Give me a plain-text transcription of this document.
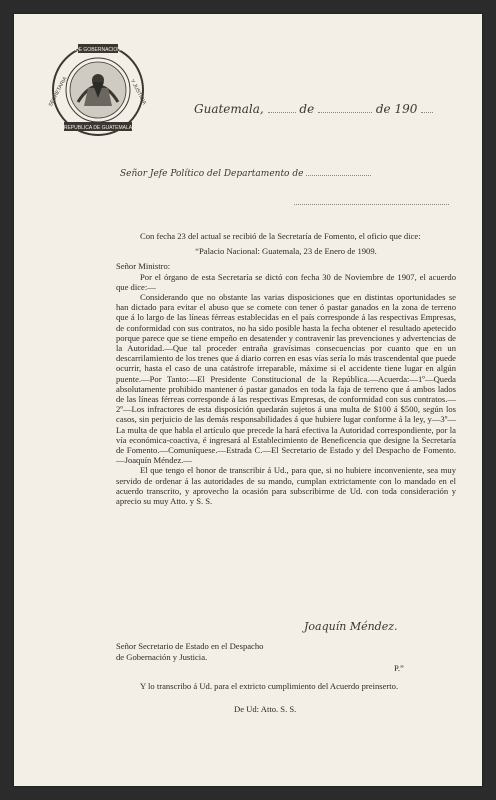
DE GOBERNACION
REPUBLICA DE GUATEMALA
SECRETARIA	Y JUSTICIA
Guatemala,	de	de 190
Señor Jefe Político del Departamento de

Con fecha 23 del actual se recibió de la Secretaría de Fomento, el oficio que dice:

“Palacio Nacional: Guatemala, 23 de Enero de 1909.

Señor Ministro:

Por el órgano de esta Secretaría se dictó con fecha 30 de Noviembre de 1907, el acuerdo que dice:—

Considerando que no obstante las varias disposiciones que en distintas oportunidades se han dictado para evitar el abuso que se comete con tener ó pastar ganados en la zona de terreno que á lo largo de las líneas férreas establecidas en el país corresponde á las respectivas Empresas, de conformidad con sus contratos, no ha sido posible hasta la fecha obtener el resultado apetecido porque parece que se tiene empeño en desatender y contravenir las prevenciones y advertencias de la Autoridad.—Que tal proceder entraña gravísimas consecuencias por cuanto que en un descarrilamiento de los trenes que á diario corren en esas vías sería lo más trascendental que puede ocurrir, hasta el caso de una catástrofe irreparable, máxime si el accidente tiene lugar en algún puente.—Por Tanto:—El Presidente Constitucional de la República.—Acuerda:—1º—Queda absolutamente prohibido mantener ó pastar ganados en toda la faja de terreno que á ambos lados de las líneas férreas corresponde á las respectivas Empresas, de conformidad con sus contratos.—2º—Los infractores de esta disposición quedarán sujetos á una multa de $100 á $500, según los casos, sin perjuicio de las demás responsabilidades á que hubiere lugar conforme á la ley, y—3º—La multa de que habla el artículo que precede la hará efectiva la Autoridad correspondiente, por la vía económica-coactiva, é ingresará al Establecimiento de Beneficencia que designe la Secretaría de Fomento.—Comuníquese.—Estrada C.—El Secretario de Estado y del Despacho de Fomento.—Joaquín Méndez.—

El que tengo el honor de transcribir á Ud., para que, si no hubiere inconveniente, sea muy servido de ordenar á las autoridades de su mando, cumplan extrictamente con lo mandado en el acuerdo transcrito, y aprovecho la ocasión para subscribirme de Ud. con toda consideración y aprecio su muy Atto. y S. S.

Joaquín Méndez.
Señor Secretario de Estado en el Despacho
de Gobernación y Justicia.
P.”
Y lo transcribo á Ud. para el extricto cumplimiento del Acuerdo preinserto.
De Ud: Atto. S. S.
